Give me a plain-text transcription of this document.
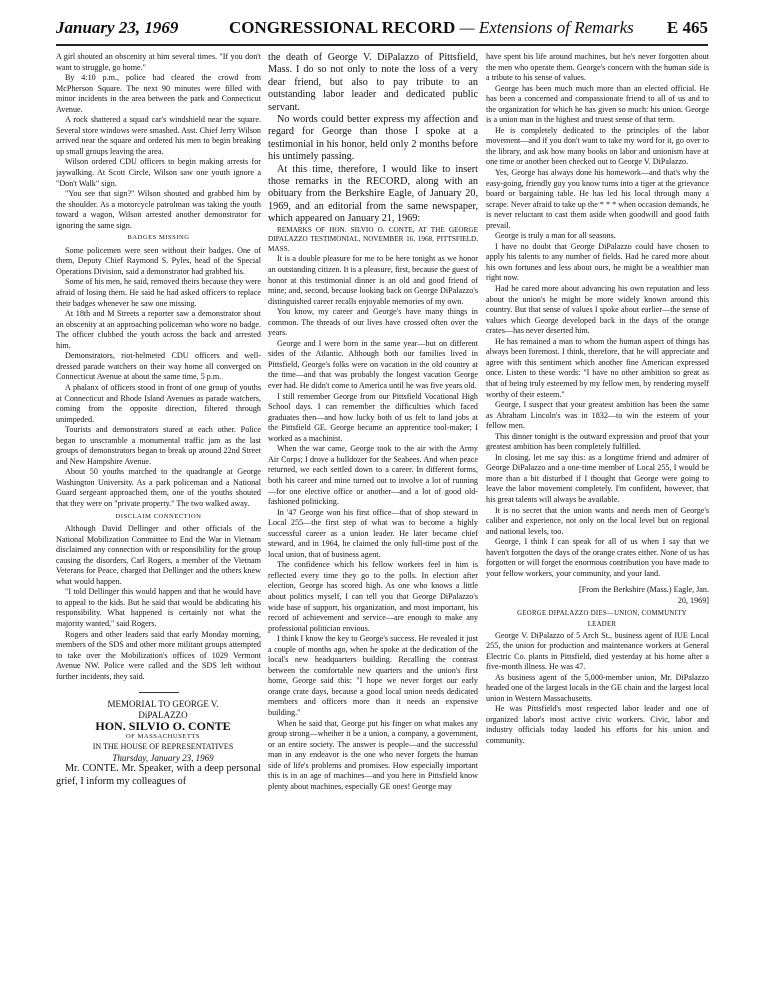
January 23, 1969	CONGRESSIONAL RECORD — Extensions of Remarks E 465

A girl shouted an obscenity at him several times. "If you don't want to struggle, go home."

By 4:10 p.m., police had cleared the crowd from McPherson Square. The next 90 minutes were filled with minor incidents in the area between the park and Connecticut Avenue.

A rock shattered a squad car's windshield near the square. Several store windows were smashed. Asst. Chief Jerry Wilson arrived near the square and ordered his men to begin breaking up small groups leaving the area.

Wilson ordered CDU officers to begin making arrests for jaywalking. At Scott Circle, Wilson saw one youth ignore a "Don't Walk" sign.

"You see that sign?" Wilson shouted and grabbed him by the shoulder. As a motorcycle patrolman was taking the youth toward a wagon, Wilson arrested another demonstrator for ignoring the same sign.

BADGES MISSING

Some policemen were seen without their badges. One of them, Deputy Chief Raymond S. Pyles, head of the Special Operations Division, said a demonstrator had grabbed his.

Some of his men, he said, removed theirs because they were afraid of losing them. He said he had asked officers to replace their badges whenever he saw one missing.

At 18th and M Streets a reporter saw a demonstrator shout an obscenity at an approaching policeman who wore no badge. The officer clubbed the youth across the back and arrested him.

Demonstrators, riot-helmeted CDU officers and well-dressed parade watchers on their way home all converged on Connecticut Avenue at about the same time, 5 p.m.

A phalanx of officers stood in front of one group of youths at Connecticut and Rhode Island Avenues as parade watchers, coming from the opposite direction, filtered through unimpeded.

Tourists and demonstrators stared at each other. Police began to unscramble a monumental traffic jam as the last groups of demonstrators began to break up around 22nd Street and New Hampshire Avenue.

About 50 youths marched to the quadrangle at George Washington University. As a park policeman and a National Guard sergeant approached them, one of the youths shouted that they were on "private property." The two walked away.

DISCLAIM CONNECTION

Although David Dellinger and other officials of the National Mobilization Committee to End the War in Vietnam disclaimed any connection with or responsibility for the group causing the disorders, Carl Rogers, a member of the Vietnam Veterans for Peace, charged that Dellinger and the others knew what would happen.

"I told Dellinger this would happen and that he would have to appeal to the kids. But he said that would be abdicating his responsibility. What happened is certainly not what the majority wanted," said Rogers.

Rogers and other leaders said that early Monday morning, members of the SDS and other more militant groups attempted to take over the Mobilization's offices of 1029 Vermont Avenue NW. Police were called and the SDS left without further incidents, they said.

MEMORIAL TO GEORGE V.

DiPALAZZO

HON. SILVIO O. CONTE

OF MASSACHUSETTS

IN THE HOUSE OF REPRESENTATIVES

Thursday, January 23, 1969

Mr. CONTE. Mr. Speaker, with a deep personal grief, I inform my colleagues of

the death of George V. DiPalazzo of Pittsfield, Mass. I do so not only to note the loss of a very dear friend, but also to pay tribute to an outstanding labor leader and dedicated public servant.

No words could better express my affection and regard for George than those I spoke at a testimonial in his honor, held only 2 months before his untimely passing.

At this time, therefore, I would like to insert those remarks in the RECORD, along with an obituary from the Berkshire Eagle, of January 20, 1969, and an editorial from the same newspaper, which appeared on January 21, 1969:

REMARKS OF HON. SILVIO O. CONTE, AT THE GEORGE DIPALAZZO TESTIMONIAL, NOVEMBER 16, 1968, PITTSFIELD, MASS.

It is a double pleasure for me to be here tonight as we honor an outstanding citizen. It is a pleasure, first, because the guest of honor at this testimonial dinner is an old and good friend of mine; and, second, because looking back on George DiPalazzo's distinguished career recalls enjoyable memories of my own.

You know, my career and George's have many things in common. The threads of our lives have crossed often over the years.

George and I were born in the same year—but on different sides of the Atlantic. Although both our families lived in Pittsfield, George's folks were on vacation in the old country at the time—and that was probably the longest vacation George ever had. He didn't come to America until he was five years old.

I still remember George from our Pittsfield Vocational High School days. I can remember the difficulties which faced graduates then—and how lucky both of us felt to land jobs at the Pittsfield GE. George became an apprentice tool-maker; I worked as a machinist.

When the war came, George took to the air with the Army Air Corps; I drove a bulldozer for the Seabees. And when peace returned, we each settled down to a career. In different forms, both his career and mine turned out to involve a lot of running—for one elective office or another—and a lot of good old-fashioned politicking.

In '47 George won his first office—that of shop steward in Local 255—the first step of what was to become a highly successful career as a union leader. He later became chief steward, and in 1964, he claimed the only full-time post of the local union, that of business agent.

The confidence which his fellow workers feel in him is reflected every time they go to the polls. In election after election, George has scored high. As one who knows a little about politics myself, I can tell you that George DiPalazzo's wide base of support, his organization, and most important, his record of achievement and service—are enough to make any professional politician envious.

I think I know the key to George's success. He revealed it just a couple of months ago, when he spoke at the dedication of the local's new headquarters building. Recalling the contrast between the comfortable new quarters and the union's first home, George said this: "I hope we never forget our early orange crate days, because a good local union needs dedicated members and officers more than it needs an expensive building."

When he said that, George put his finger on what makes any group strong—whether it be a union, a company, a government, or an entire society. The answer is people—and the successful man in any endeavor is the one who never forgets the human side of life's problems and promises. How especially important this is in an age of machines—and you here in Pittsfield know plenty about machines, especially GE ones! George may

have spent his life around machines, but he's never forgotten about the men who operate them. George's concern with the human side is a tribute to his sense of values.

George has been much much more than an elected official. He has been a concerned and compassionate friend to all of us and to the organization for which he has given so much: his union. George is a union man in the highest and truest sense of that term.

He is completely dedicated to the principles of the labor movement—and if you don't want to take my word for it, go over to the library, and ask how many books on labor and unionism have at one time or another been checked out to George V. DiPalazzo.

Yes, George has always done his homework—and that's why the easy-going, friendly guy you know turns into a tiger at the grievance board or bargaining table. He has led his local through many a scrape. Never afraid to take up the * * * when occasion demands, he is never reluctant to cast them aside when goodwill and good faith prevail.

George is truly a man for all seasons.

I have no doubt that George DiPalazzo could have chosen to apply his talents to any number of fields. Had he cared more about his own fortunes and less about ours, he might be a wealthier man right now.

Had he cared more about advancing his own reputation and less about the union's he might be more widely known around this country. But that sense of values I spoke about earlier—the sense of values which George developed back in the days of the orange crates—has never deserted him.

He has remained a man to whom the human aspect of things has always been foremost. I think, therefore, that he will appreciate and agree with this sentiment which another fine American expressed once. Listen to these words: "I have no other ambition so great as that of being truly esteemed by my fellow men, by rendering myself worthy of their esteem."

George, I suspect that your greatest ambition has been the same as Abraham Lincoln's was in 1832—to win the esteem of your fellow men.

This dinner tonight is the outward expression and proof that your greatest ambition has been completely fulfilled.

In closing, let me say this: as a longtime friend and admirer of George DiPalazzo and a one-time member of Local 255, I would be more than a bit disturbed if I thought that George were going to leave the labor movement completely. I'm confident, however, that his great talents will always be available.

It is no secret that the union wants and needs men of George's caliber and experience, not only on the local level but on regional and national levels, too.

George, I think I can speak for all of us when I say that we haven't forgotten the days of the orange crates either. None of us has forgotten or will forget the enormous contribution you have made to your fellow workers, your community, and your land.

[From the Berkshire (Mass.) Eagle, Jan.
20, 1969]

GEORGE DIPALAZZO DIES—UNION, COMMUNITY

LEADER

George V. DiPalazzo of 5 Arch St., business agent of IUE Local 255, the union for production and maintenance workers at General Electric Co. plants in Pittsfield, died yesterday at his home after a five-month illness. He was 47.

As business agent of the 5,000-member union, Mr. DiPalazzo headed one of the largest locals in the GE chain and the largest local union in Western Massachusetts.

He was Pittsfield's most respected labor leader and one of organized labor's most active civic workers. Civic, labor and industry officials today lauded his efforts for his union and community.
